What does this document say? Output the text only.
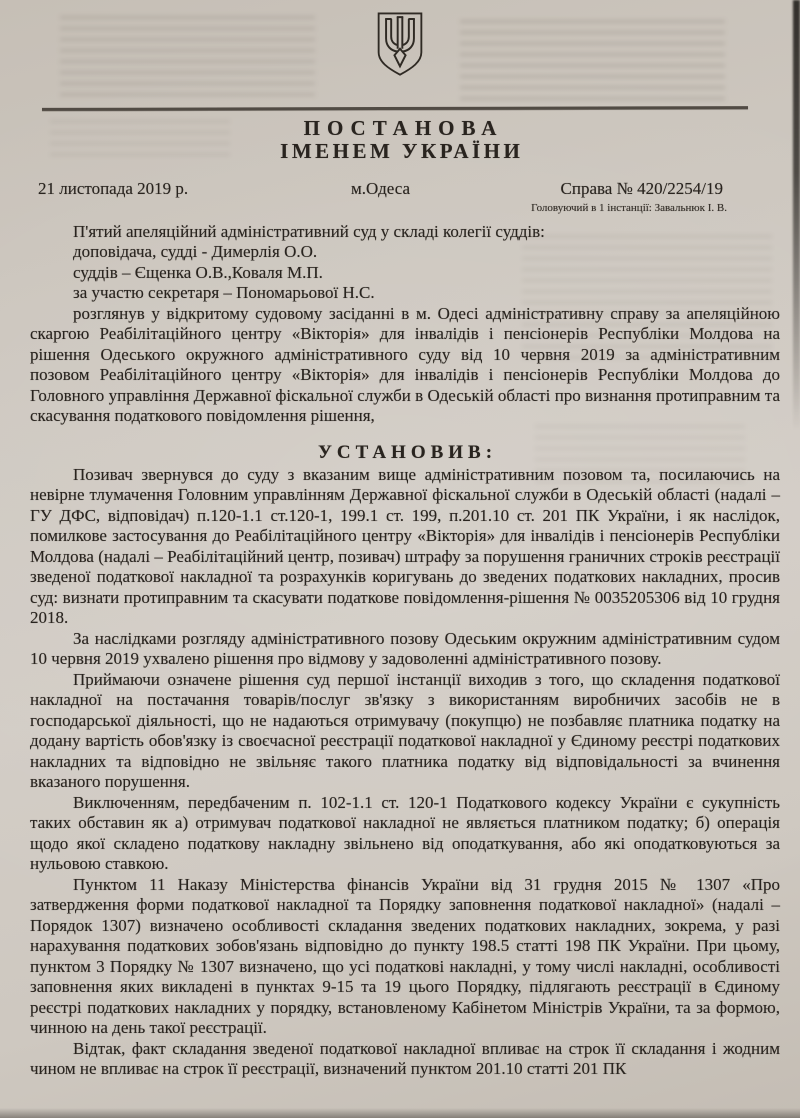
ПОСТАНОВА
ІМЕНЕМ УКРАЇНИ
21 листопада 2019 р.	м.Одеса	Справа № 420/2254/19
Головуючий в 1 інстанції: Завальнюк І. В.

П'ятий апеляційний адміністративний суд у складі колегії суддів:

доповідача, судді - Димерлія О.О.

суддів – Єщенка О.В.,Коваля М.П.

за участю секретаря – Пономарьової Н.С.

розглянув у відкритому судовому засіданні в м. Одесі адміністративну справу за апеляційною скаргою Реабілітаційного центру «Вікторія» для інвалідів і пенсіонерів Республіки Молдова на рішення Одеського окружного адміністративного суду від 10 червня 2019 за адміністративним позовом Реабілітаційного центру «Вікторія» для інвалідів і пенсіонерів Республіки Молдова до Головного управління Державної фіскальної служби в Одеській області про визнання протиправним та скасування податкового повідомлення рішення,

УСТАНОВИВ:

Позивач звернувся до суду з вказаним вище адміністративним позовом та, посилаючись на невірне тлумачення Головним управлінням Державної фіскальної служби в Одеській області (надалі – ГУ ДФС, відповідач) п.120-1.1 ст.120-1, 199.1 ст. 199, п.201.10 ст. 201 ПК України, і як наслідок, помилкове застосування до Реабілітаційного центру «Вікторія» для інвалідів і пенсіонерів Республіки Молдова (надалі – Реабілітаційний центр, позивач) штрафу за порушення граничних строків реєстрації зведеної податкової накладної та розрахунків коригувань до зведених податкових накладних, просив суд: визнати протиправним та скасувати податкове повідомлення-рішення № 0035205306 від 10 грудня 2018.

За наслідками розгляду адміністративного позову Одеським окружним адміністративним судом 10 червня 2019 ухвалено рішення про відмову у задоволенні адміністративного позову.

Приймаючи означене рішення суд першої інстанції виходив з того, що складення податкової накладної на постачання товарів/послуг зв'язку з використанням виробничих засобів не в господарської діяльності, що не надаються отримувачу (покупцю) не позбавляє платника податку на додану вартість обов'язку із своєчасної реєстрації податкової накладної у Єдиному реєстрі податкових накладних та відповідно не звільняє такого платника податку від відповідальності за вчинення вказаного порушення.

Виключенням, передбаченим п. 102-1.1 ст. 120-1 Податкового кодексу України є сукупність таких обставин як а) отримувач податкової накладної не являється платником податку; б) операція щодо якої складено податкову накладну звільнено від оподаткування, або які оподатковуються за нульовою ставкою.

Пунктом 11 Наказу Міністерства фінансів України від 31 грудня 2015 № 1307 «Про затвердження форми податкової накладної та Порядку заповнення податкової накладної» (надалі – Порядок 1307) визначено особливості складання зведених податкових накладних, зокрема, у разі нарахування податкових зобов'язань відповідно до пункту 198.5 статті 198 ПК України. При цьому, пунктом 3 Порядку № 1307 визначено, що усі податкові накладні, у тому числі накладні, особливості заповнення яких викладені в пунктах 9-15 та 19 цього Порядку, підлягають реєстрації в Єдиному реєстрі податкових накладних у порядку, встановленому Кабінетом Міністрів України, та за формою, чинною на день такої реєстрації.

Відтак, факт складання зведеної податкової накладної впливає на строк її складання і жодним чином не впливає на строк її реєстрації, визначений пунктом 201.10 статті 201 ПК
